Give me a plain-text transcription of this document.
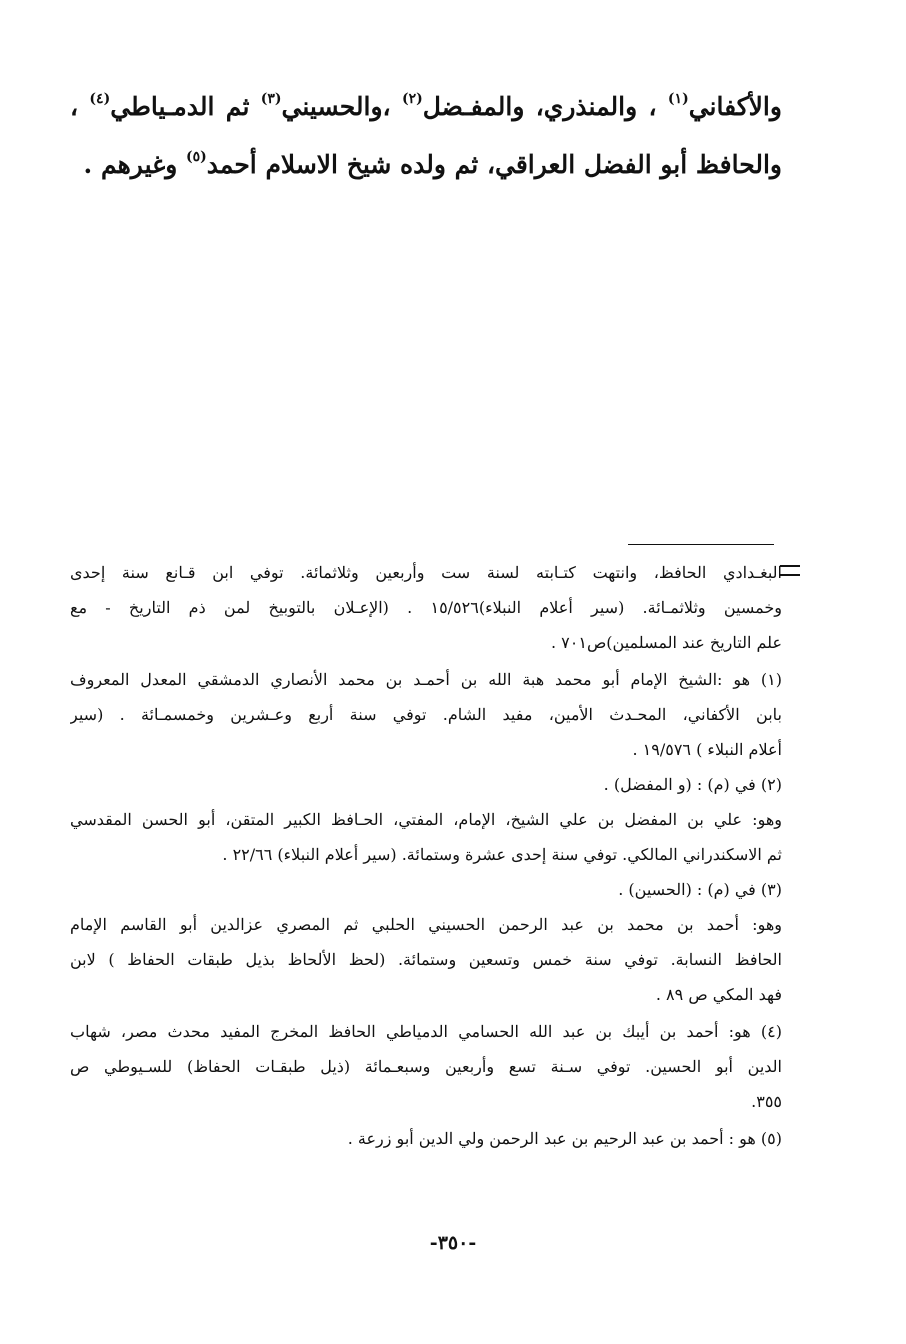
والأكفاني$^{(١)}$ ، والمنذري، والمفـضل$^{(٢)}$ ،والحسيني$^{(٣)}$ ثم الدمـياطي$^{(٤)}$ ،
والحافظ أبو الفضل العراقي، ثم ولده شيخ الاسلام أحمد$^{(٥)}$ وغيرهم .
البغـدادي الحافظ، وانتهت كتـابته لسنة ست وأربعين وثلاثمائة. توفي ابن قـانع سنة إحدى
وخمسين وثلاثمـائة. (سير أعلام النبلاء)١٥/٥٢٦ . (الإعـلان بالتوبيخ لمن ذم التاريخ - مع
علم التاريخ عند المسلمين)ص٧٠١ .
(١) هو :الشيخ الإمام أبو محمد هبة الله بن أحمـد بن محمد الأنصاري الدمشقي المعدل المعروف
بابن الأكفاني، المحـدث الأمين، مفيد الشام. توفي سنة أربع وعـشرين وخمسمـائة . (سير
أعلام النبلاء ) ١٩/٥٧٦ .
(٢) في (م) : (و المفضل) .
وهو: علي بن المفضل بن علي الشيخ، الإمام، المفتي، الحـافظ الكبير المتقن، أبو الحسن المقدسي
ثم الاسكندراني المالكي. توفي سنة إحدى عشرة وستمائة. (سير أعلام النبلاء) ٢٢/٦٦ .
(٣) في (م) : (الحسين) .
وهو: أحمد بن محمد بن عبد الرحمن الحسيني الحلبي ثم المصري عزالدين أبو القاسم الإمام
الحافظ النسابة. توفي سنة خمس وتسعين وستمائة. (لحظ الألحاظ بذيل طبقات الحفاظ ) لابن
فهد المكي ص ٨٩ .
(٤) هو: أحمد بن أيبك بن عبد الله الحسامي الدمياطي الحافظ المخرج المفيد محدث مصر، شهاب
الدين أبو الحسين. توفي سـنة تسع وأربعين وسبعـمائة (ذيل طبقـات الحفاظ) للسـيوطي ص
٣٥٥.
(٥) هو : أحمد بن عبد الرحيم بن عبد الرحمن ولي الدين أبو زرعة .
-٣٥٠-
